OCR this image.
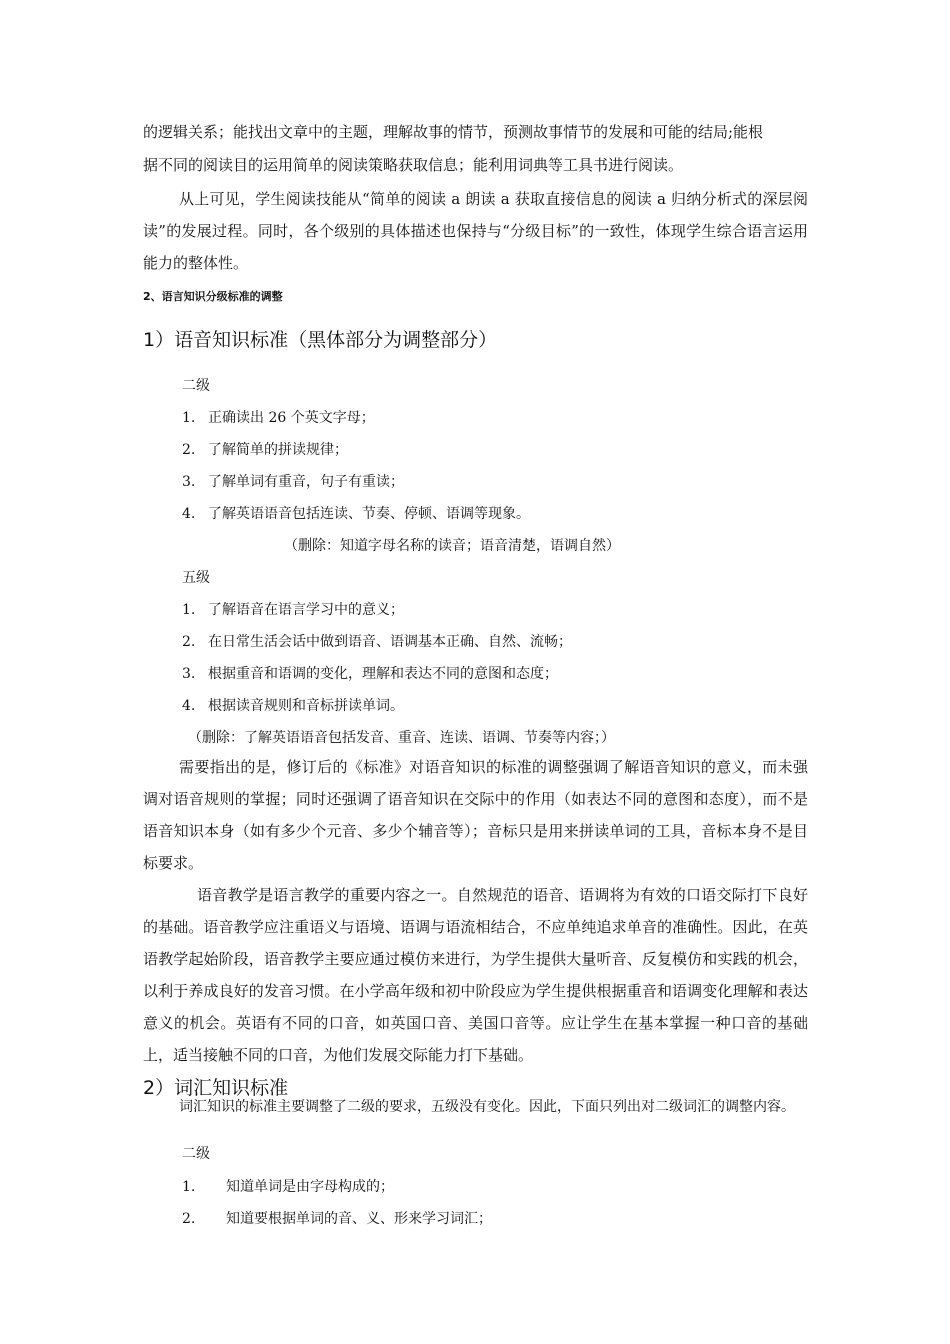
的逻辑关系；能找出文章中的主题，理解故事的情节，预测故事情节的发展和可能的结局;能根
据不同的阅读目的运用简单的阅读策略获取信息；能利用词典等工具书进行阅读。
从上可见，学生阅读技能从“简单的阅读 a 朗读 a 获取直接信息的阅读 a 归纳分析式的深层阅读”的发展过程。同时，各个级别的具体描述也保持与“分级目标”的一致性，体现学生综合语言运用能力的整体性。
2、语言知识分级标准的调整
1）语音知识标准（黑体部分为调整部分）
二级
1. 正确读出 26 个英文字母；
2. 了解简单的拼读规律；
3. 了解单词有重音，句子有重读；
4. 了解英语语音包括连读、节奏、停顿、语调等现象。
（删除：知道字母名称的读音；语音清楚，语调自然）
五级
1. 了解语音在语言学习中的意义；
2. 在日常生活会话中做到语音、语调基本正确、自然、流畅；
3. 根据重音和语调的变化，理解和表达不同的意图和态度；
4. 根据读音规则和音标拼读单词。
（删除：了解英语语音包括发音、重音、连读、语调、节奏等内容；）
需要指出的是，修订后的《标准》对语音知识的标准的调整强调了解语音知识的意义，而未强调对语音规则的掌握；同时还强调了语音知识在交际中的作用（如表达不同的意图和态度），而不是语音知识本身（如有多少个元音、多少个辅音等）；音标只是用来拼读单词的工具，音标本身不是目标要求。
语音教学是语言教学的重要内容之一。自然规范的语音、语调将为有效的口语交际打下良好的基础。语音教学应注重语义与语境、语调与语流相结合，不应单纯追求单音的准确性。因此，在英语教学起始阶段，语音教学主要应通过模仿来进行，为学生提供大量听音、反复模仿和实践的机会，以利于养成良好的发音习惯。在小学高年级和初中阶段应为学生提供根据重音和语调变化理解和表达意义的机会。英语有不同的口音，如英国口音、美国口音等。应让学生在基本掌握一种口音的基础上，适当接触不同的口音，为他们发展交际能力打下基础。
2）词汇知识标准
词汇知识的标准主要调整了二级的要求，五级没有变化。因此，下面只列出对二级词汇的调整内容。
二级
1. 知道单词是由字母构成的；
2. 知道要根据单词的音、义、形来学习词汇；
